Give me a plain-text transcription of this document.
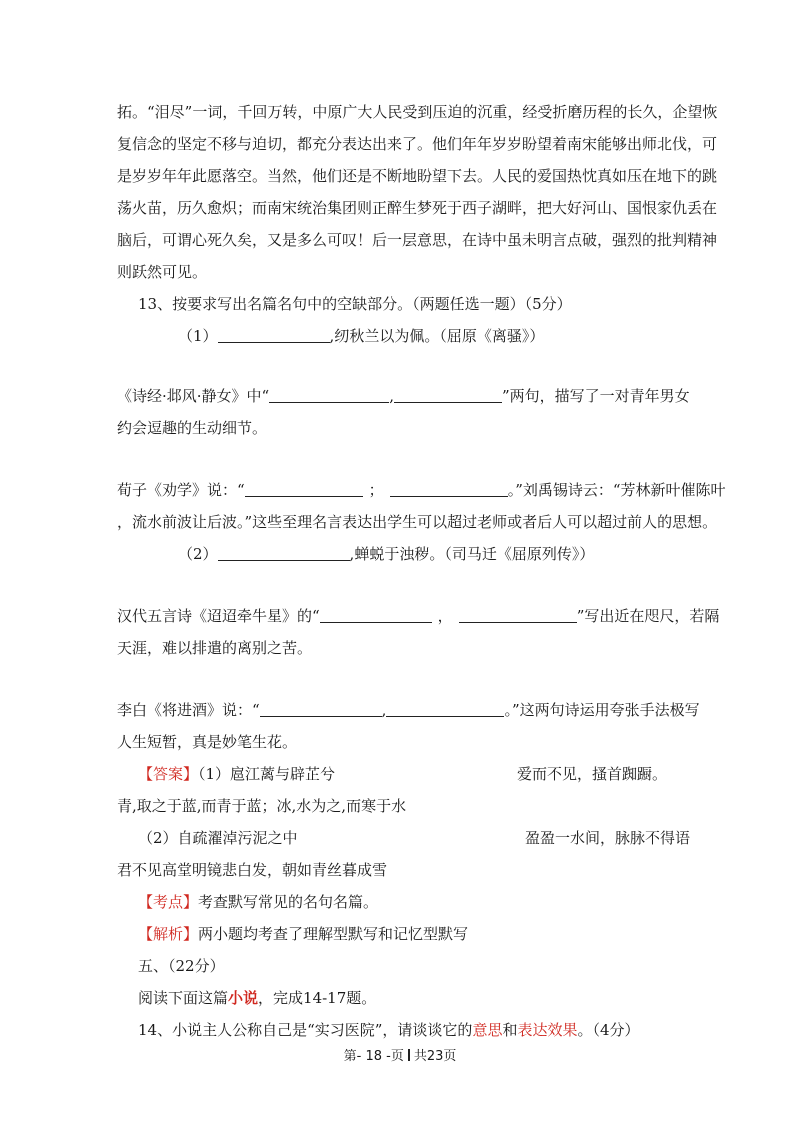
拓。“泪尽”一词，千回万转，中原广大人民受到压迫的沉重，经受折磨历程的长久，企望恢
复信念的坚定不移与迫切，都充分表达出来了。他们年年岁岁盼望着南宋能够出师北伐，可
是岁岁年年此愿落空。当然，他们还是不断地盼望下去。人民的爱国热忱真如压在地下的跳
荡火苗，历久愈炽；而南宋统治集团则正醉生梦死于西子湖畔，把大好河山、国恨家仇丢在
脑后，可谓心死久矣，又是多么可叹！后一层意思，在诗中虽未明言点破，强烈的批判精神
则跃然可见。
13、按要求写出名篇名句中的空缺部分。（两题任选一题）（5分）
（1）	,纫秋兰以为佩。（屈原《离骚》）
《诗经·邶风·静女》中“	,	”两句，描写了一对青年男女
约会逗趣的生动细节。
荀子《劝学》说：“	；	。”刘禹锡诗云：“芳林新叶催陈叶
，流水前波让后波。”这些至理名言表达出学生可以超过老师或者后人可以超过前人的思想。
（2）	,蝉蜕于浊秽。（司马迁《屈原列传》）
汉代五言诗《迢迢牵牛星》的“	，	”写出近在咫尺，若隔
天涯，难以排遣的离别之苦。
李白《将进酒》说：“	,	。”这两句诗运用夸张手法极写
人生短暂，真是妙笔生花。
【答案】（1）扈江蓠与辟芷兮	爱而不见，搔首踟蹰。
青,取之于蓝,而青于蓝；冰,水为之,而寒于水
（2）自疏濯淖污泥之中	盈盈一水间，脉脉不得语
君不见高堂明镜悲白发，朝如青丝暮成雪
【考点】考查默写常见的名句名篇。
【解析】两小题均考查了理解型默写和记忆型默写
五、（22分）
阅读下面这篇小说，完成14-17题。
14、小说主人公称自己是“实习医院”，请谈谈它的意思和表达效果。（4分）
第- 18 -页 共23页
